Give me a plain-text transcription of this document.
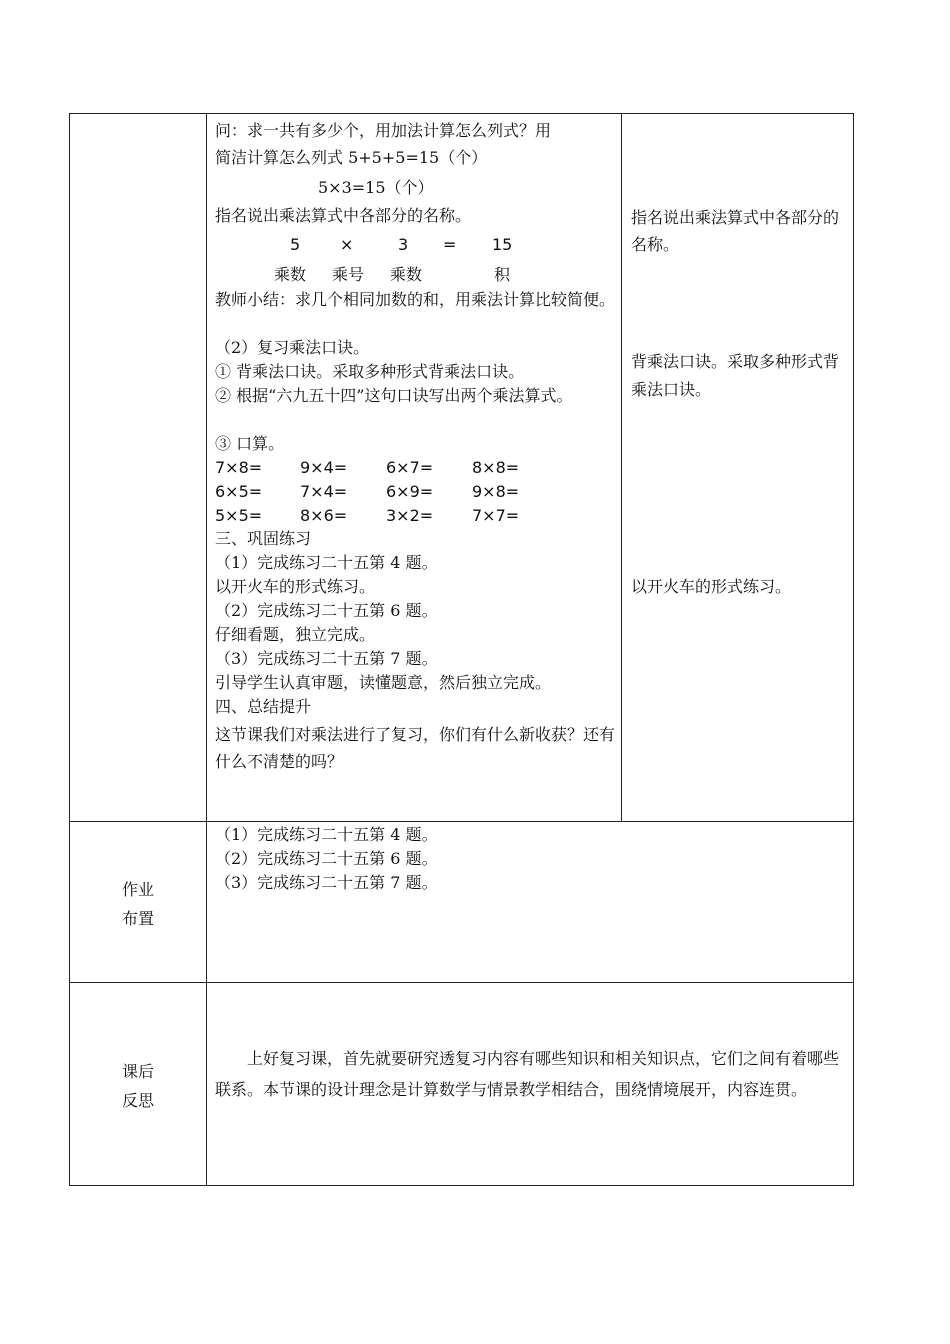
问：求一共有多少个，用加法计算怎么列式？用
简洁计算怎么列式 5+5+5=15（个）
5×3=15（个）
指名说出乘法算式中各部分的名称。
5 ×	3 = 15
乘数 乘号 乘数	积
教师小结：求几个相同加数的和，用乘法计算比较简便。
（2）复习乘法口诀。
① 背乘法口诀。采取多种形式背乘法口诀。
② 根据“六九五十四”这句口诀写出两个乘法算式。
③ 口算。
7×8= 9×4= 6×7= 8×8=
6×5= 7×4= 6×9= 9×8=
5×5= 8×6= 3×2= 7×7=
三、巩固练习
（1）完成练习二十五第 4 题。
以开火车的形式练习。
（2）完成练习二十五第 6 题。
仔细看题，独立完成。
（3）完成练习二十五第 7 题。
引导学生认真审题，读懂题意，然后独立完成。
四、总结提升
这节课我们对乘法进行了复习，你们有什么新收获？还有什么不清楚的吗？
指名说出乘法算式中各部分的名称。
背乘法口诀。采取多种形式背乘法口诀。
以开火车的形式练习。
作业
布置
（1）完成练习二十五第 4 题。
（2）完成练习二十五第 6 题。
（3）完成练习二十五第 7 题。
课后
反思
上好复习课，首先就要研究透复习内容有哪些知识和相关知识点，它们之间有着哪些联系。本节课的设计理念是计算数学与情景教学相结合，围绕情境展开，内容连贯。
